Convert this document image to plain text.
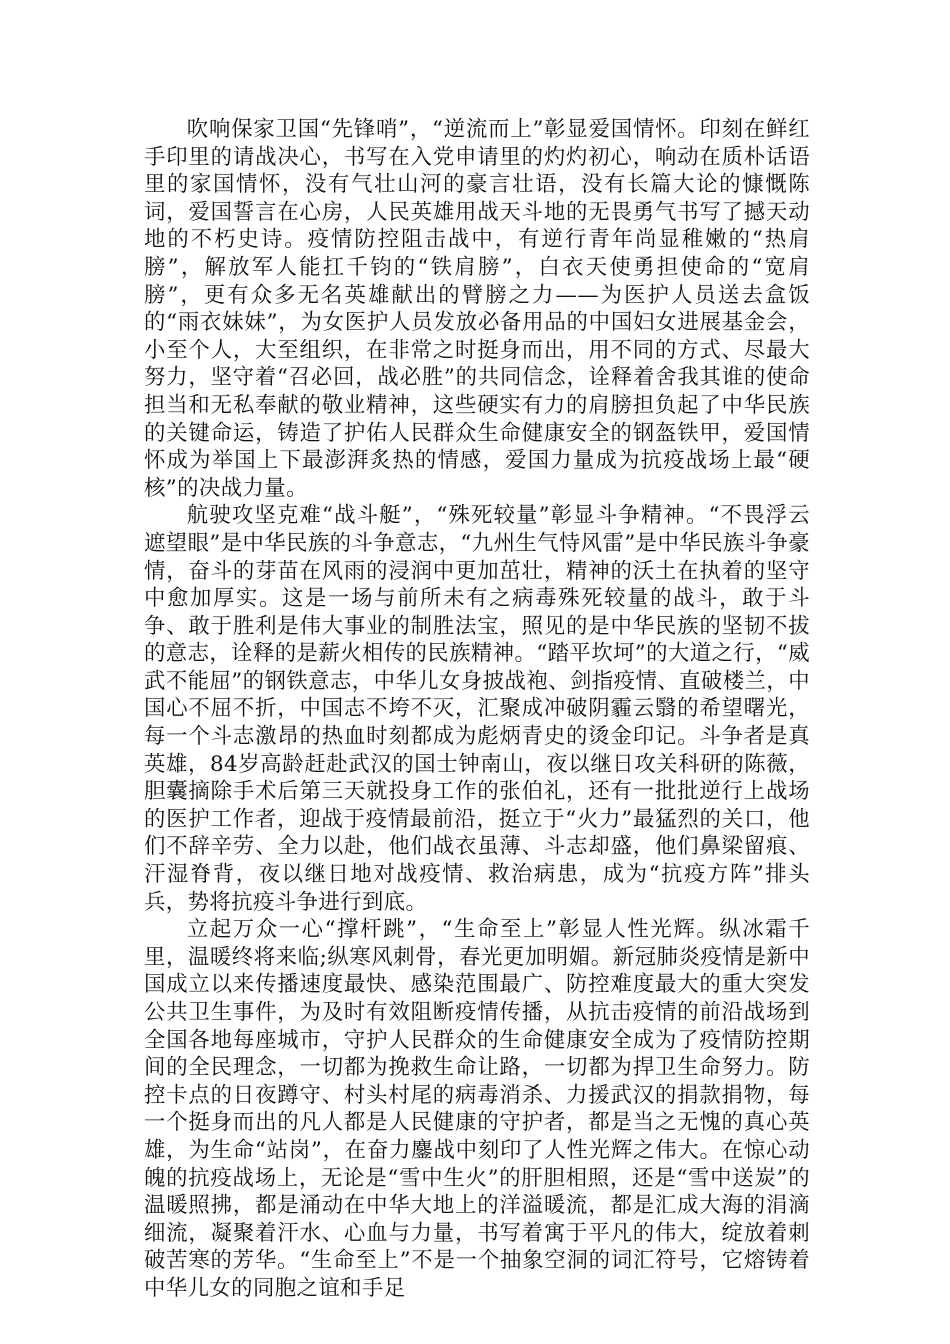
吹响保家卫国“先锋哨”，“逆流而上”彰显爱国情怀。印刻在鲜红手印里的请战决心，书写在入党申请里的灼灼初心，响动在质朴话语里的家国情怀，没有气壮山河的豪言壮语，没有长篇大论的慷慨陈词，爱国誓言在心房，人民英雄用战天斗地的无畏勇气书写了撼天动地的不朽史诗。疫情防控阻击战中，有逆行青年尚显稚嫩的“热肩膀”，解放军人能扛千钧的“铁肩膀”，白衣天使勇担使命的“宽肩膀”，更有众多无名英雄献出的臂膀之力——为医护人员送去盒饭的“雨衣妹妹”，为女医护人员发放必备用品的中国妇女进展基金会，小至个人，大至组织，在非常之时挺身而出，用不同的方式、尽最大努力，坚守着“召必回，战必胜”的共同信念，诠释着舍我其谁的使命担当和无私奉献的敬业精神，这些硬实有力的肩膀担负起了中华民族的关键命运，铸造了护佑人民群众生命健康安全的钢盔铁甲，爱国情怀成为举国上下最澎湃炙热的情感，爱国力量成为抗疫战场上最“硬核”的决战力量。

航驶攻坚克难“战斗艇”，“殊死较量”彰显斗争精神。“不畏浮云遮望眼”是中华民族的斗争意志，“九州生气恃风雷”是中华民族斗争豪情，奋斗的芽苗在风雨的浸润中更加茁壮，精神的沃土在执着的坚守中愈加厚实。这是一场与前所未有之病毒殊死较量的战斗，敢于斗争、敢于胜利是伟大事业的制胜法宝，照见的是中华民族的坚韧不拔的意志，诠释的是薪火相传的民族精神。“踏平坎坷”的大道之行，“威武不能屈”的钢铁意志，中华儿女身披战袍、剑指疫情、直破楼兰，中国心不屈不折，中国志不垮不灭，汇聚成冲破阴霾云翳的希望曙光，每一个斗志激昂的热血时刻都成为彪炳青史的烫金印记。斗争者是真英雄，84岁高龄赶赴武汉的国士钟南山，夜以继日攻关科研的陈薇，胆囊摘除手术后第三天就投身工作的张伯礼，还有一批批逆行上战场的医护工作者，迎战于疫情最前沿，挺立于“火力”最猛烈的关口，他们不辞辛劳、全力以赴，他们战衣虽薄、斗志却盛，他们鼻梁留痕、汗湿脊背，夜以继日地对战疫情、救治病患，成为“抗疫方阵”排头兵，势将抗疫斗争进行到底。

立起万众一心“撑杆跳”，“生命至上”彰显人性光辉。纵冰霜千里，温暖终将来临;纵寒风刺骨，春光更加明媚。新冠肺炎疫情是新中国成立以来传播速度最快、感染范围最广、防控难度最大的重大突发公共卫生事件，为及时有效阻断疫情传播，从抗击疫情的前沿战场到全国各地每座城市，守护人民群众的生命健康安全成为了疫情防控期间的全民理念，一切都为挽救生命让路，一切都为捍卫生命努力。防控卡点的日夜蹲守、村头村尾的病毒消杀、力援武汉的捐款捐物，每一个挺身而出的凡人都是人民健康的守护者，都是当之无愧的真心英雄，为生命“站岗”，在奋力鏖战中刻印了人性光辉之伟大。在惊心动魄的抗疫战场上，无论是“雪中生火”的肝胆相照，还是“雪中送炭”的温暖照拂，都是涌动在中华大地上的洋溢暖流，都是汇成大海的涓滴细流，凝聚着汗水、心血与力量，书写着寓于平凡的伟大，绽放着刺破苦寒的芳华。“生命至上”不是一个抽象空洞的词汇符号，它熔铸着中华儿女的同胞之谊和手足
